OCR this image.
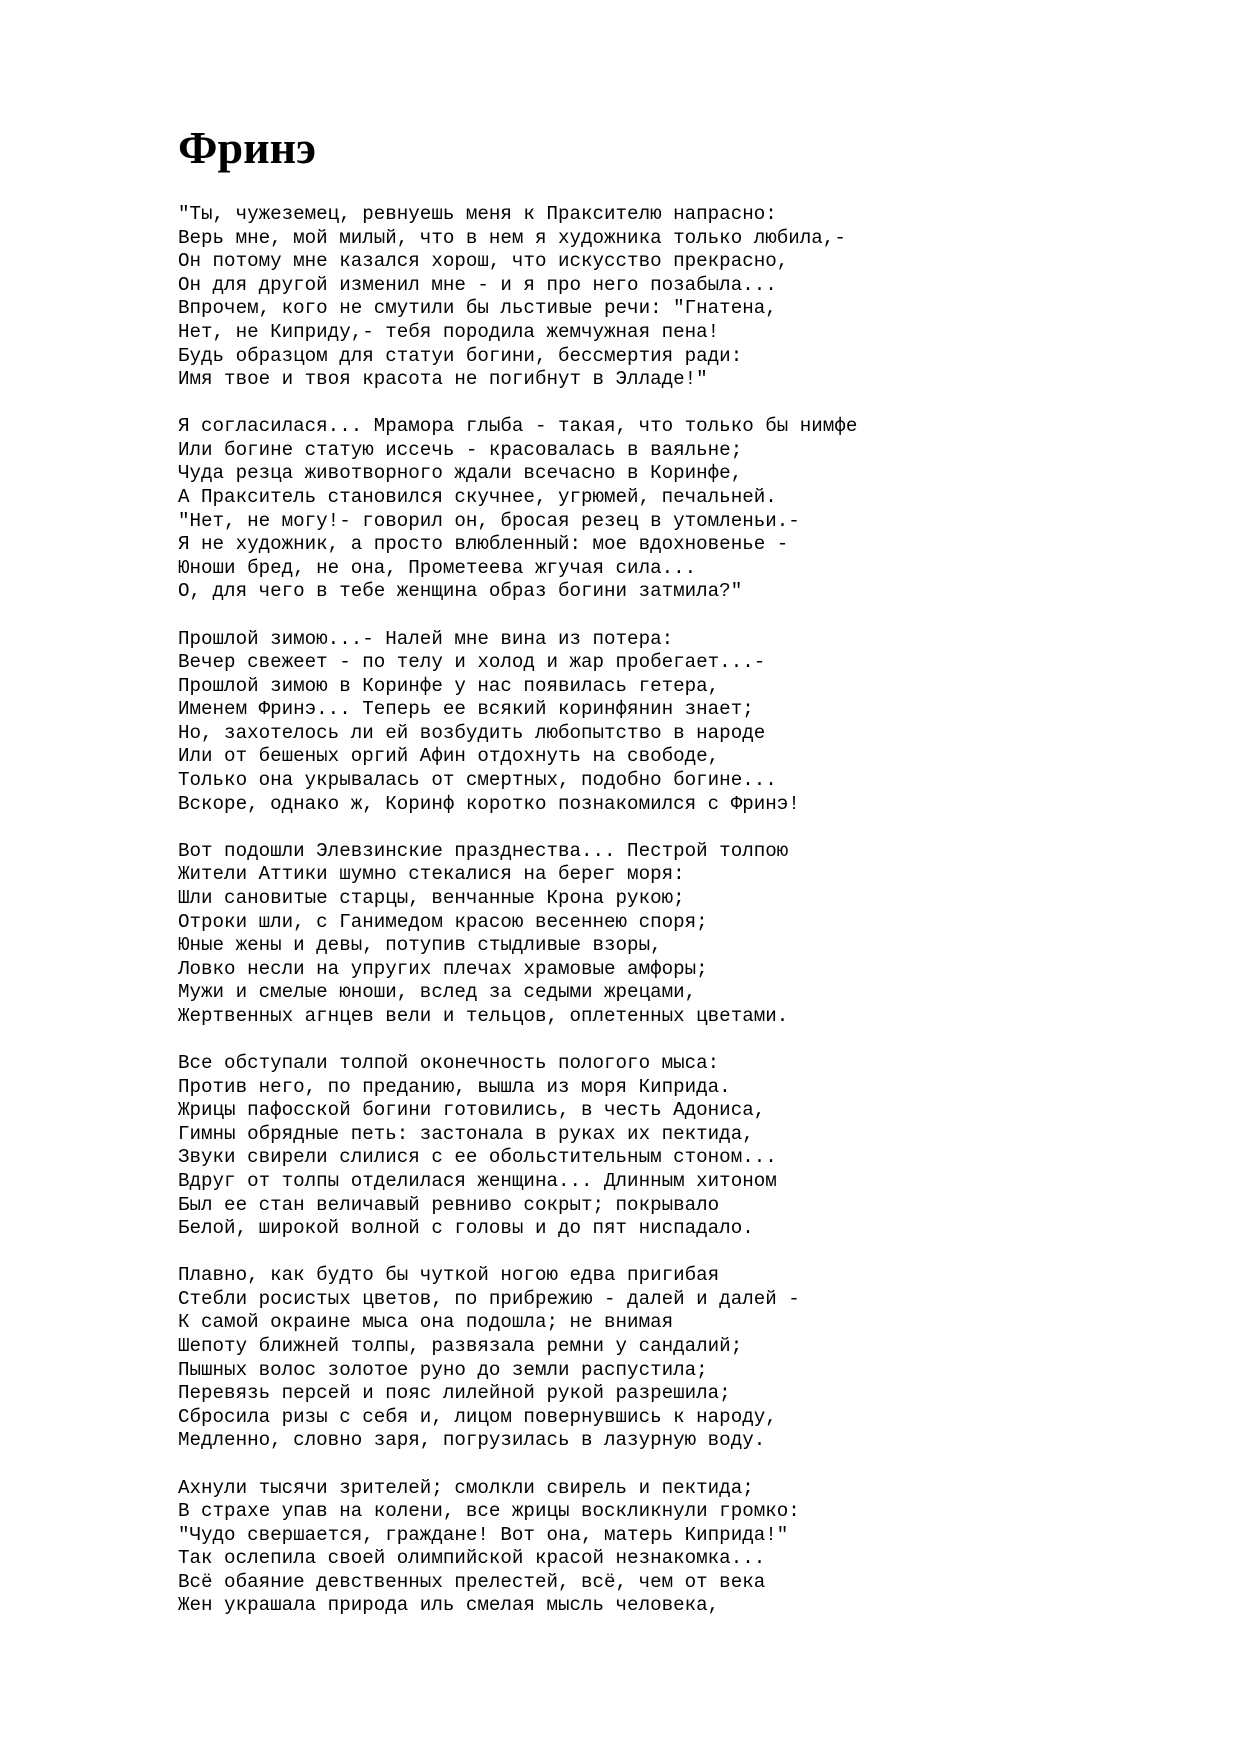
Фринэ
"Ты, чужеземец, ревнуешь меня к Праксителю напрасно:
Верь мне, мой милый, что в нем я художника только любила,-
Он потому мне казался хорош, что искусство прекрасно,
Он для другой изменил мне - и я про него позабыла...
Впрочем, кого не смутили бы льстивые речи: "Гнатена,
Нет, не Киприду,- тебя породила жемчужная пена!
Будь образцом для статуи богини, бессмертия ради:
Имя твое и твоя красота не погибнут в Элладе!"
Я согласилася... Мрамора глыба - такая, что только бы нимфе
Или богине статую иссечь - красовалась в ваяльне;
Чуда резца животворного ждали всечасно в Коринфе,
А Пракситель становился скучнее, угрюмей, печальней.
"Нет, не могу!- говорил он, бросая резец в утомленьи.-
Я не художник, а просто влюбленный: мое вдохновенье -
Юноши бред, не она, Прометеева жгучая сила...
О, для чего в тебе женщина образ богини затмила?"
Прошлой зимою...- Налей мне вина из потера:
Вечер свежеет - по телу и холод и жар пробегает...-
Прошлой зимою в Коринфе у нас появилась гетера,
Именем Фринэ... Теперь ее всякий коринфянин знает;
Но, захотелось ли ей возбудить любопытство в народе
Или от бешеных оргий Афин отдохнуть на свободе,
Только она укрывалась от смертных, подобно богине...
Вскоре, однако ж, Коринф коротко познакомился с Фринэ!
Вот подошли Элевзинские празднества... Пестрой толпою
Жители Аттики шумно стекалися на берег моря:
Шли сановитые старцы, венчанные Крона рукою;
Отроки шли, с Ганимедом красою весеннею споря;
Юные жены и девы, потупив стыдливые взоры,
Ловко несли на упругих плечах храмовые амфоры;
Мужи и смелые юноши, вслед за седыми жрецами,
Жертвенных агнцев вели и тельцов, оплетенных цветами.
Все обступали толпой оконечность пологого мыса:
Против него, по преданию, вышла из моря Киприда.
Жрицы пафосской богини готовились, в честь Адониса,
Гимны обрядные петь: застонала в руках их пектида,
Звуки свирели слилися с ее обольстительным стоном...
Вдруг от толпы отделилася женщина... Длинным хитоном
Был ее стан величавый ревниво сокрыт; покрывало
Белой, широкой волной с головы и до пят ниспадало.
Плавно, как будто бы чуткой ногою едва пригибая
Стебли росистых цветов, по прибрежию - далей и далей -
К самой окраине мыса она подошла; не внимая
Шепоту ближней толпы, развязала ремни у сандалий;
Пышных волос золотое руно до земли распустила;
Перевязь персей и пояс лилейной рукой разрешила;
Сбросила ризы с себя и, лицом повернувшись к народу,
Медленно, словно заря, погрузилась в лазурную воду.
Ахнули тысячи зрителей; смолкли свирель и пектида;
В страхе упав на колени, все жрицы воскликнули громко:
"Чудо свершается, граждане! Вот она, матерь Киприда!"
Так ослепила своей олимпийской красой незнакомка...
Всё обаяние девственных прелестей, всё, чем от века
Жен украшала природа иль смелая мысль человека,
